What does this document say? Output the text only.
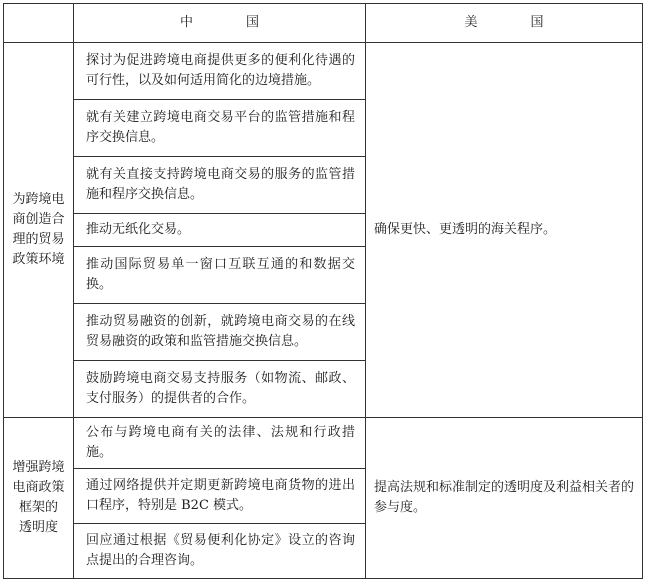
	中　国	美　国

为跨境电
商创造合
理的贸易
政策环境	探讨为促进跨境电商提供更多的便利化待遇的可行性，以及如何适用简化的边境措施。	确保更快、更透明的海关程序。
	就有关建立跨境电商交易平台的监管措施和程序交换信息。	
	就有关直接支持跨境电商交易的服务的监管措施和程序交换信息。	
	推动无纸化交易。	
	推动国际贸易单一窗口互联互通的和数据交换。	
	推动贸易融资的创新，就跨境电商交易的在线贸易融资的政策和监管措施交换信息。	
	鼓励跨境电商交易支持服务（如物流、邮政、支付服务）的提供者的合作。	

增强跨境
电商政策
框架的
透明度	公布与跨境电商有关的法律、法规和行政措施。	提高法规和标准制定的透明度及利益相关者的参与度。
	通过网络提供并定期更新跨境电商货物的进出口程序，特别是 B2C 模式。	
	回应通过根据《贸易便利化协定》设立的咨询点提出的合理咨询。	
